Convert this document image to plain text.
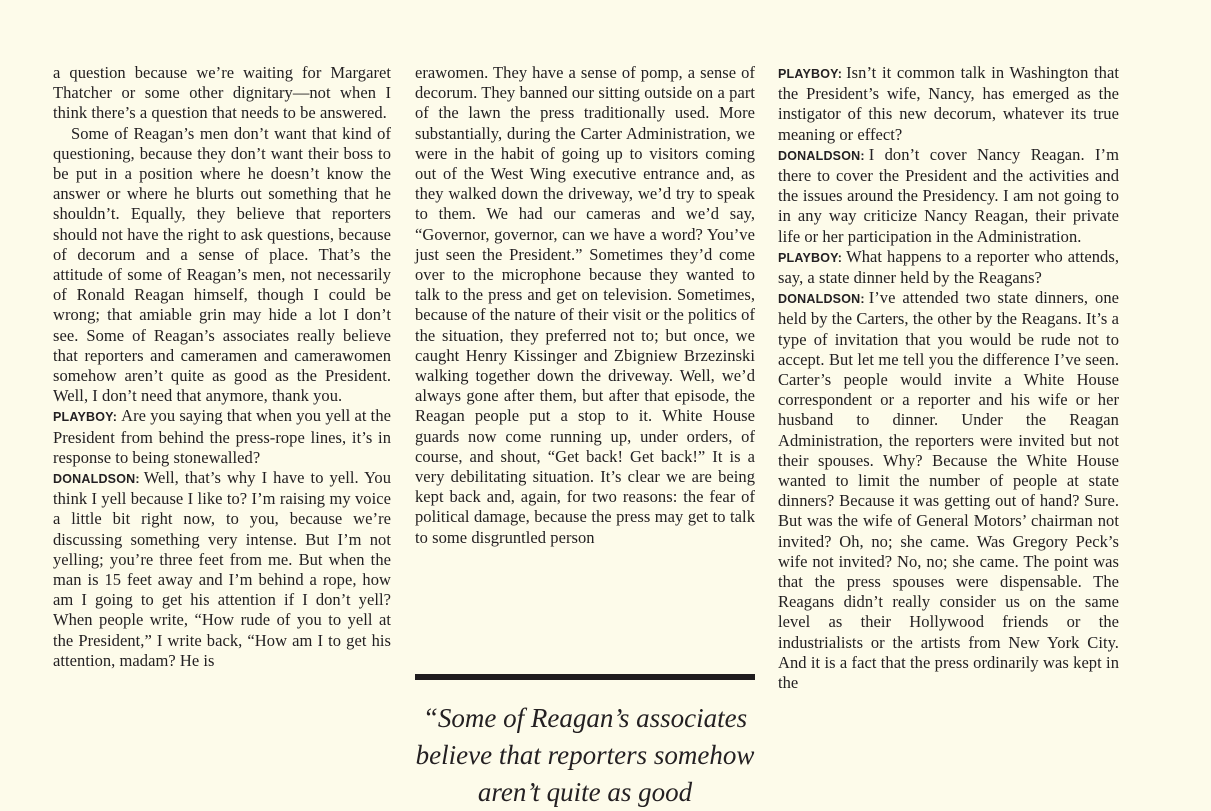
a question because we’re waiting for Margaret Thatcher or some other dignitary—not when I think there’s a question that needs to be answered.

Some of Reagan’s men don’t want that kind of questioning, because they don’t want their boss to be put in a position where he doesn’t know the answer or where he blurts out something that he shouldn’t. Equally, they believe that reporters should not have the right to ask questions, because of decorum and a sense of place. That’s the attitude of some of Reagan’s men, not necessarily of Ronald Reagan himself, though I could be wrong; that amiable grin may hide a lot I don’t see. Some of Reagan’s associates really believe that reporters and cameramen and camerawomen somehow aren’t quite as good as the President. Well, I don’t need that anymore, thank you.

PLAYBOY: Are you saying that when you yell at the President from behind the press-rope lines, it’s in response to being stonewalled?

DONALDSON: Well, that’s why I have to yell. You think I yell because I like to? I’m raising my voice a little bit right now, to you, because we’re discussing something very intense. But I’m not yelling; you’re three feet from me. But when the man is 15 feet away and I’m behind a rope, how am I going to get his attention if I don’t yell? When people write, “How rude of you to yell at the President,” I write back, “How am I to get his attention, madam? He is

erawomen. They have a sense of pomp, a sense of decorum. They banned our sitting outside on a part of the lawn the press traditionally used. More substantially, during the Carter Administration, we were in the habit of going up to visitors coming out of the West Wing executive entrance and, as they walked down the driveway, we’d try to speak to them. We had our cameras and we’d say, “Governor, governor, can we have a word? You’ve just seen the President.” Sometimes they’d come over to the microphone because they wanted to talk to the press and get on television. Sometimes, because of the nature of their visit or the politics of the situation, they preferred not to; but once, we caught Henry Kissinger and Zbigniew Brzezinski walking together down the driveway. Well, we’d always gone after them, but after that episode, the Reagan people put a stop to it. White House guards now come running up, under orders, of course, and shout, “Get back! Get back!” It is a very debilitating situation. It’s clear we are being kept back and, again, for two reasons: the fear of political damage, because the press may get to talk to some disgruntled person

“Some of Reagan’s associates believe that reporters somehow aren’t quite as good

PLAYBOY: Isn’t it common talk in Washington that the President’s wife, Nancy, has emerged as the instigator of this new decorum, whatever its true meaning or effect?

DONALDSON: I don’t cover Nancy Reagan. I’m there to cover the President and the activities and the issues around the Presidency. I am not going to in any way criticize Nancy Reagan, their private life or her participation in the Administration.

PLAYBOY: What happens to a reporter who attends, say, a state dinner held by the Reagans?

DONALDSON: I’ve attended two state dinners, one held by the Carters, the other by the Reagans. It’s a type of invitation that you would be rude not to accept. But let me tell you the difference I’ve seen. Carter’s people would invite a White House correspondent or a reporter and his wife or her husband to dinner. Under the Reagan Administration, the reporters were invited but not their spouses. Why? Because the White House wanted to limit the number of people at state dinners? Because it was getting out of hand? Sure. But was the wife of General Motors’ chairman not invited? Oh, no; she came. Was Gregory Peck’s wife not invited? No, no; she came. The point was that the press spouses were dispensable. The Reagans didn’t really consider us on the same level as their Hollywood friends or the industrialists or the artists from New York City. And it is a fact that the press ordinarily was kept in the
